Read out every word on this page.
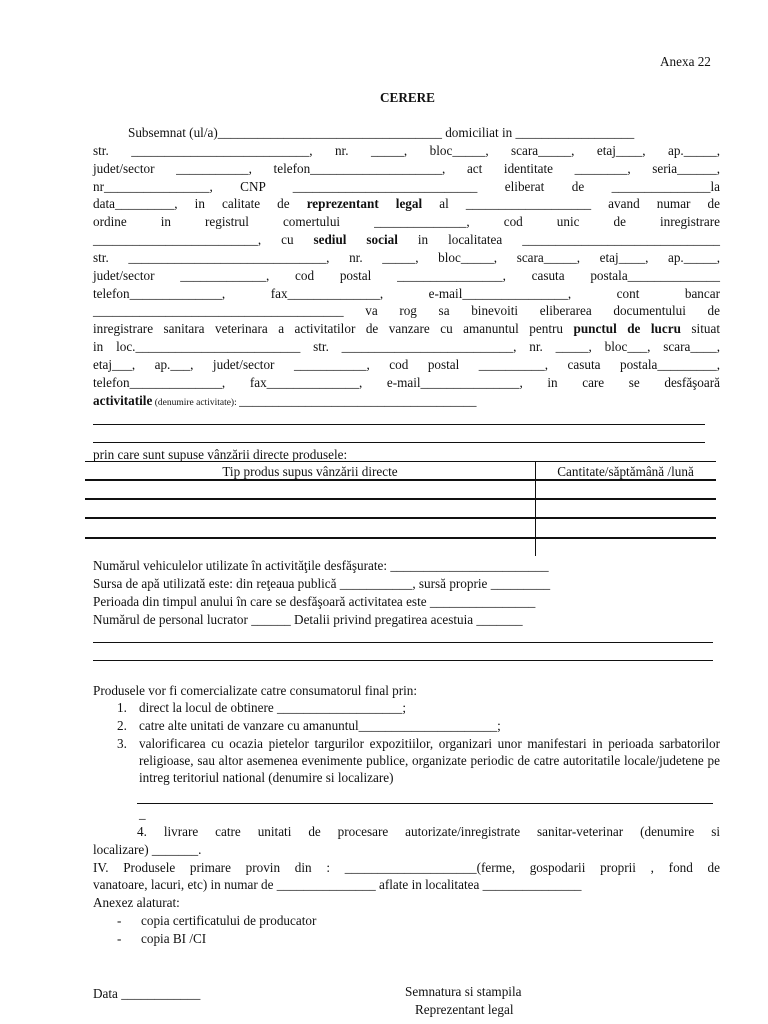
Anexa 22
CERERE
Subsemnat (ul/a)__________________________________ domiciliat in __________________
str. ___________________________, nr. _____, bloc_____, scara_____, etaj____, ap._____,
judet/sector ___________, telefon____________________, act identitate ________, seria______,
nr________________, CNP ____________________________ eliberat de _______________la
data_________, in calitate de reprezentant legal al ___________________ avand numar de
ordine in registrul comertului ______________, cod unic de inregistrare
_________________________, cu sediul social in localitatea ______________________________
str. ______________________________, nr. _____, bloc_____, scara_____, etaj____, ap._____,
judet/sector _____________, cod postal ________________, casuta postala______________
telefon______________, fax______________, e-mail________________, cont bancar
______________________________________ va rog sa binevoiti eliberarea documentului de
inregistrare sanitara veterinara a activitatilor de vanzare cu amanuntul pentru punctul de lucru situat
in loc._________________________ str. __________________________, nr. _____, bloc___, scara____,
etaj___, ap.___, judet/sector ___________, cod postal __________, casuta postala_________,
telefon______________, fax______________, e-mail_______________, in care se desfăşoară
activitatile (denumire activitate): ____________________________________
prin care sunt supuse vânzării directe produsele:
Tip produs supus vânzării directe	Cantitate/săptămână /lună
Numărul vehiculelor utilizate în activităţile desfăşurate: ________________________
Sursa de apă utilizată este: din reţeaua publică ___________, sursă proprie _________
Perioada din timpul anului în care se desfăşoară activitatea este ________________
Numărul de personal lucrator ______ Detalii privind pregatirea acestuia _______
Produsele vor fi comercializate catre consumatorul final prin:
1. direct la locul de obtinere ___________________;
2. catre alte unitati de vanzare cu amanuntul_____________________;
3. valorificarea cu ocazia pietelor targurilor expozitiilor, organizari unor manifestari in perioada sarbatorilor religioase, sau altor asemenea evenimente publice, organizate periodic de catre autoritatile locale/judetene pe intreg teritoriul national (denumire si localizare)
_
4. livrare catre unitati de procesare autorizate/inregistrate sanitar-veterinar (denumire si
localizare) _______.
IV. Produsele primare provin din : ____________________(ferme, gospodarii proprii , fond de
vanatoare, lacuri, etc) in numar de _______________ aflate in localitatea _______________
Anexez alaturat:
- copia certificatului de producator
- copia BI /CI
Data ____________	Semnatura si stampila
Reprezentant legal
